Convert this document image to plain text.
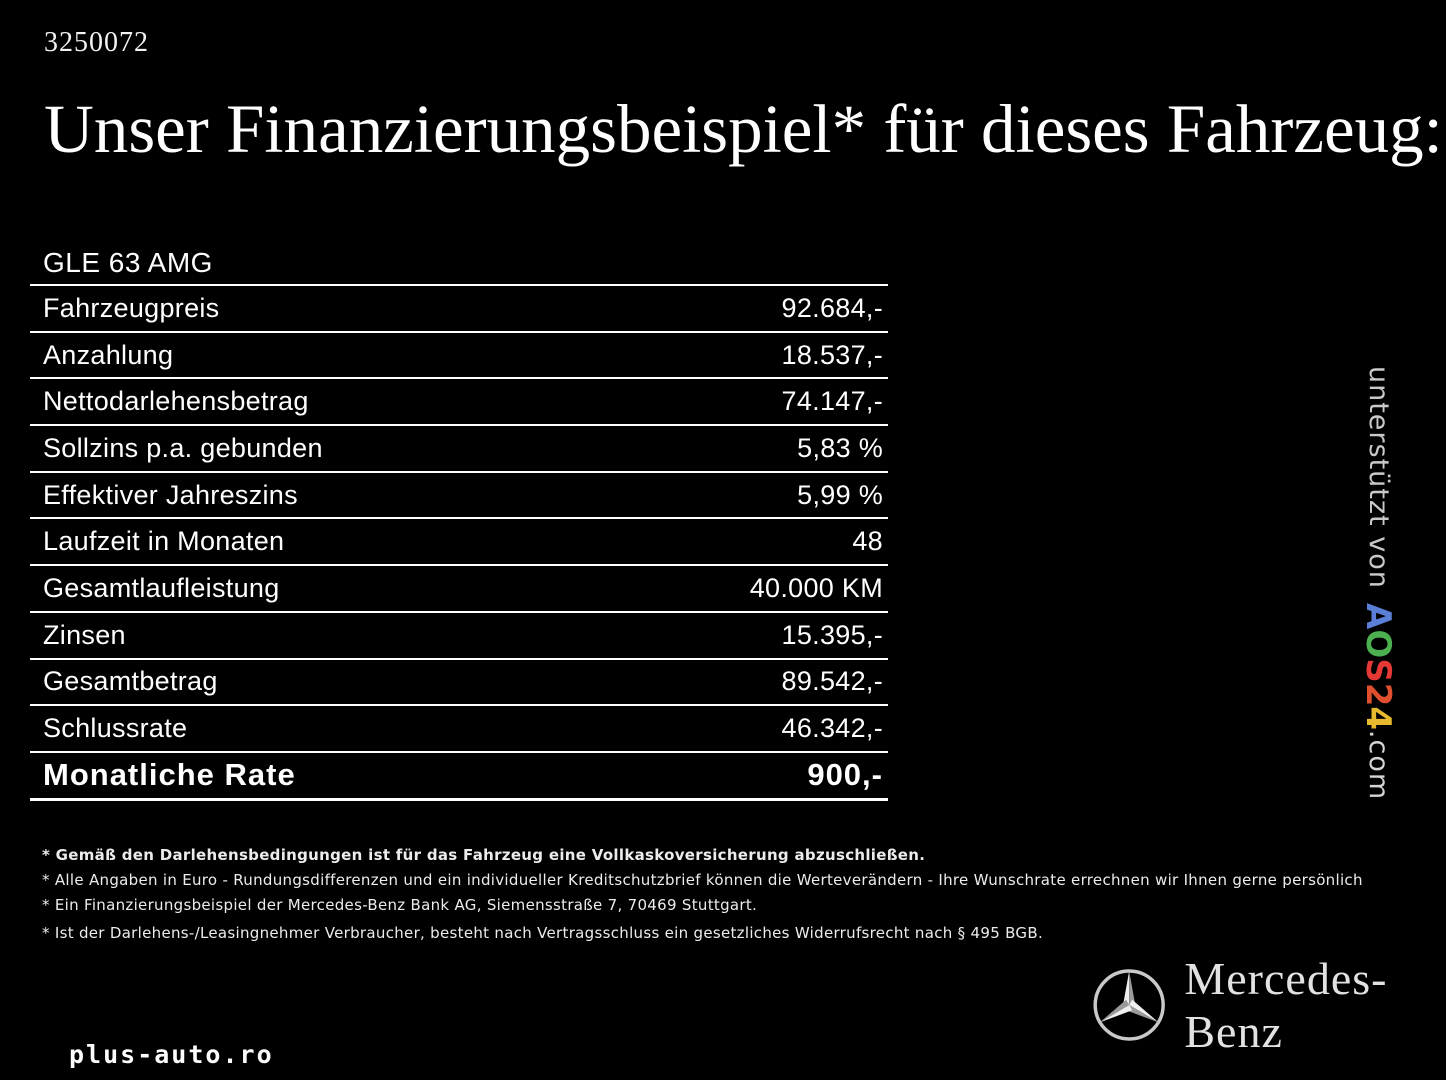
3250072
Unser Finanzierungsbeispiel* für dieses Fahrzeug:
GLE 63 AMG
Fahrzeugpreis	92.684,-
Anzahlung	18.537,-
Nettodarlehensbetrag	74.147,-
Sollzins p.a. gebunden	5,83 %
Effektiver Jahreszins	5,99 %
Laufzeit in Monaten	48
Gesamtlaufleistung	40.000 KM
Zinsen	15.395,-
Gesamtbetrag	89.542,-
Schlussrate	46.342,-
Monatliche Rate	900,-

* Gemäß den Darlehensbedingungen ist für das Fahrzeug eine Vollkaskoversicherung abzuschließen.

* Alle Angaben in Euro - Rundungsdifferenzen und ein individueller Kreditschutzbrief können die Werteverändern - Ihre Wunschrate errechnen wir Ihnen gerne persönlich

* Ein Finanzierungsbeispiel der Mercedes-Benz Bank AG, Siemensstraße 7, 70469 Stuttgart.

* Ist der Darlehens-/Leasingnehmer Verbraucher, besteht nach Vertragsschluss ein gesetzliches Widerrufsrecht nach § 495 BGB.

unterstützt vonAOS24.com
Mercedes-Benz
plus-auto.ro
